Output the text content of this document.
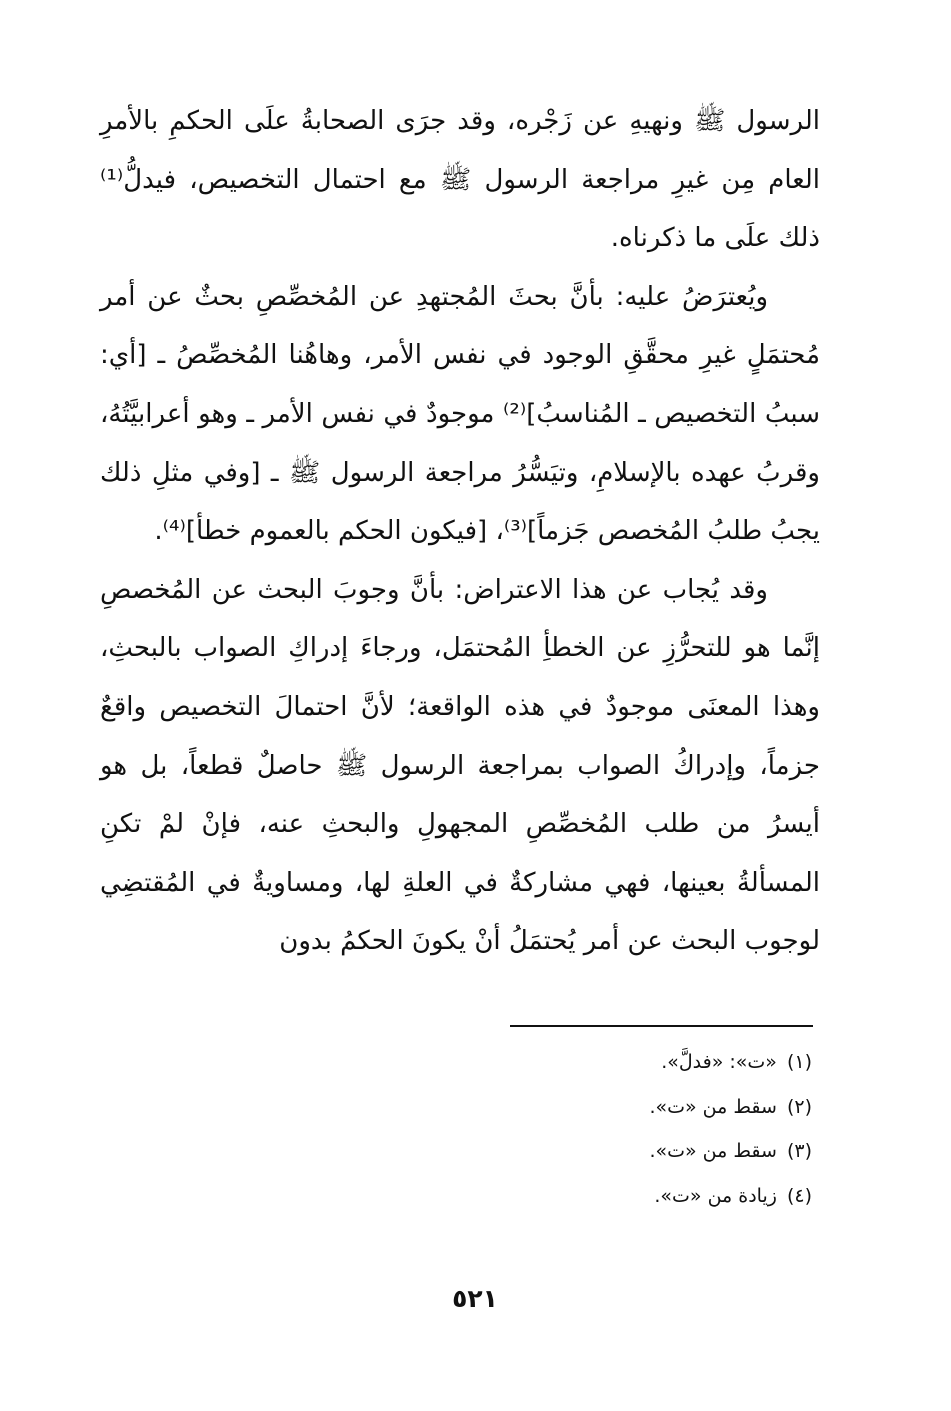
الرسول ﷺ ونهيهِ عن زَجْره، وقد جرَى الصحابةُ علَى الحكمِ بالأمرِ العام مِن غيرِ مراجعة الرسول ﷺ مع احتمال التخصيص، فيدلُّ⁽¹⁾ ذلك علَى ما ذكرناه.

ويُعترَضُ عليه: بأنَّ بحثَ المُجتهدِ عن المُخصِّصِ بحثٌ عن أمر مُحتمَلٍ غيرِ محقَّقِ الوجود في نفس الأمر، وهاهُنا المُخصِّصُ ـ [أي: سببُ التخصيص ـ المُناسبُ]⁽²⁾ موجودٌ في نفس الأمر ـ وهو أعرابيَّتُهُ، وقربُ عهده بالإسلامِ، وتيَسُّرُ مراجعة الرسول ﷺ ـ [وفي مثلِ ذلك يجبُ طلبُ المُخصص جَزماً]⁽³⁾، [فيكون الحكم بالعموم خطأ]⁽⁴⁾.

وقد يُجاب عن هذا الاعتراض: بأنَّ وجوبَ البحث عن المُخصصِ إنَّما هو للتحرُّزِ عن الخطأِ المُحتمَل، ورجاءَ إدراكِ الصواب بالبحثِ، وهذا المعنَى موجودٌ في هذه الواقعة؛ لأنَّ احتمالَ التخصيص واقعٌ جزماً، وإدراكُ الصواب بمراجعة الرسول ﷺ حاصلٌ قطعاً، بل هو أيسرُ من طلب المُخصِّصِ المجهولِ والبحثِ عنه، فإنْ لمْ تكنِ المسألةُ بعينها، فهي مشاركةٌ في العلةِ لها، ومساويةٌ في المُقتضِي لوجوب البحث عن أمر يُحتمَلُ أنْ يكونَ الحكمُ بدون

(١)«ت»: «فدلَّ».
(٢)سقط من «ت».
(٣)سقط من «ت».
(٤)زيادة من «ت».
٥٢١
